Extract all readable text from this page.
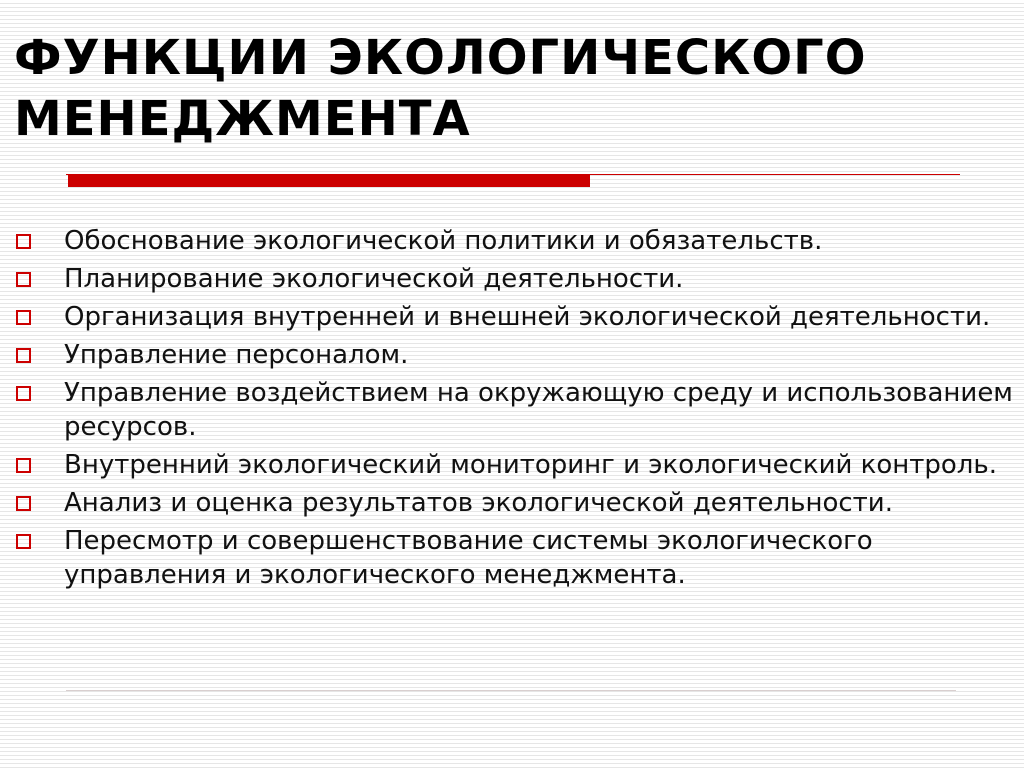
ФУНКЦИИ ЭКОЛОГИЧЕСКОГО
МЕНЕДЖМЕНТА
Обоснование экологической политики и обязательств.
Планирование экологической деятельности.
Организация внутренней и внешней экологической деятельности.
Управление персоналом.
Управление воздействием на окружающую среду и использованием ресурсов.
Внутренний экологический мониторинг и экологический контроль.
Анализ и оценка результатов экологической деятельности.
Пересмотр и совершенствование системы экологического управления и экологического менеджмента.
